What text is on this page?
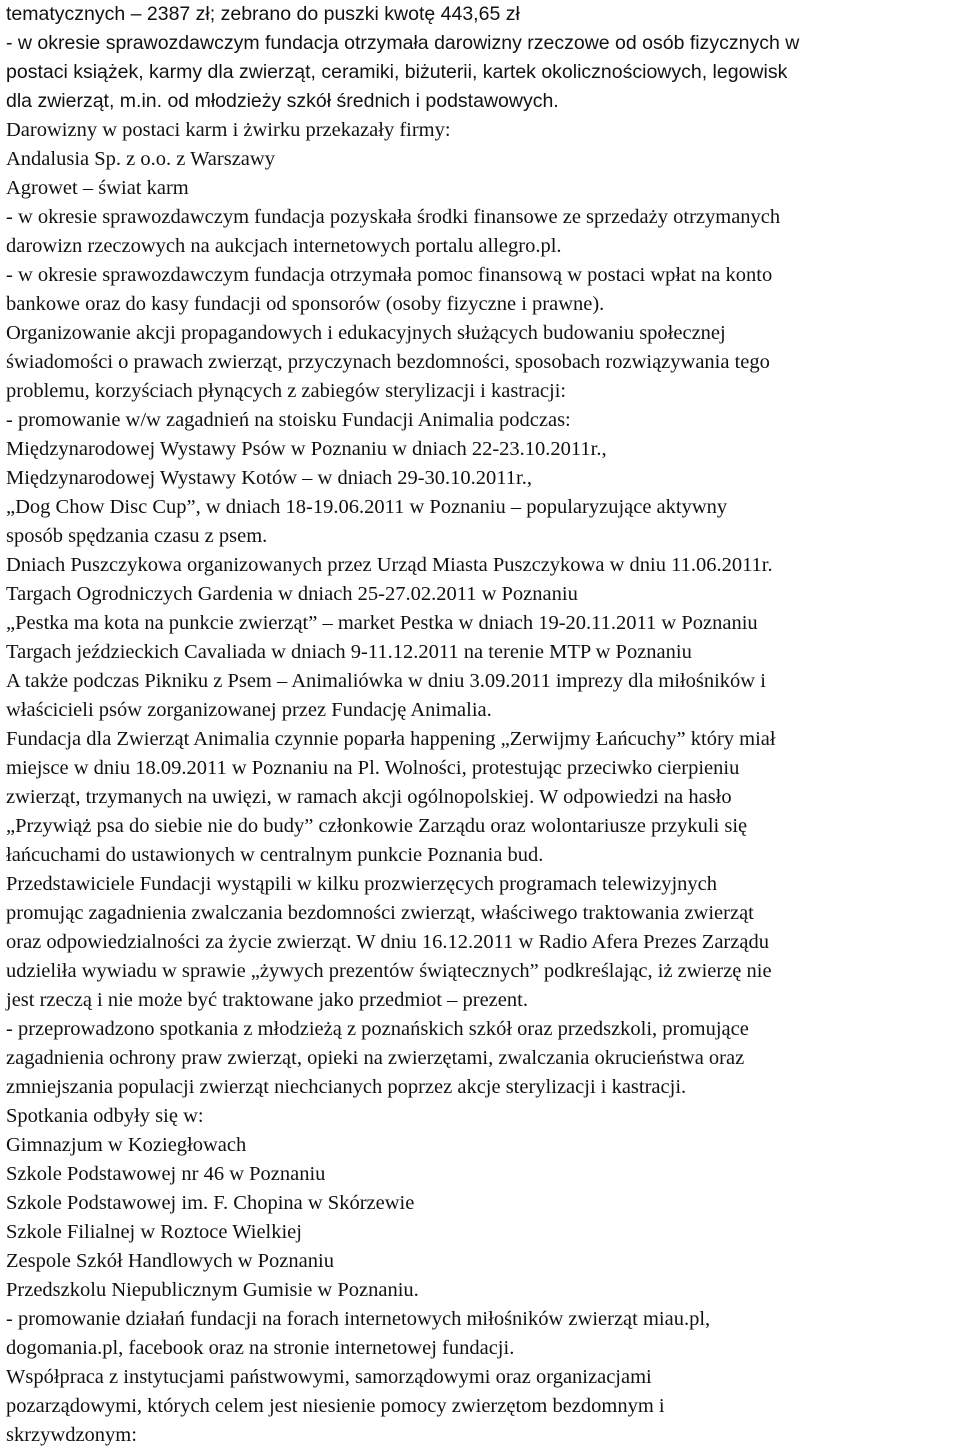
tematycznych – 2387 zł; zebrano do puszki kwotę 443,65 zł
- w okresie sprawozdawczym fundacja otrzymała darowizny rzeczowe od osób fizycznych w
postaci książek, karmy dla zwierząt, ceramiki, biżuterii, kartek okolicznościowych, legowisk
dla zwierząt, m.in. od młodzieży szkół średnich i podstawowych.
Darowizny w postaci karm i żwirku przekazały firmy:
Andalusia Sp. z o.o. z Warszawy
Agrowet – świat karm
- w okresie sprawozdawczym fundacja pozyskała środki finansowe ze sprzedaży otrzymanych
darowizn rzeczowych na aukcjach internetowych portalu allegro.pl.
- w okresie sprawozdawczym fundacja otrzymała pomoc finansową w postaci wpłat na konto
bankowe oraz do kasy fundacji od sponsorów (osoby fizyczne i prawne).
Organizowanie akcji propagandowych i edukacyjnych służących budowaniu społecznej
świadomości o prawach zwierząt, przyczynach bezdomności, sposobach rozwiązywania tego
problemu, korzyściach płynących z zabiegów sterylizacji i kastracji:
- promowanie w/w zagadnień na stoisku Fundacji Animalia podczas:
Międzynarodowej Wystawy Psów w Poznaniu w dniach 22-23.10.2011r.,
Międzynarodowej Wystawy Kotów – w dniach 29-30.10.2011r.,
„Dog Chow Disc Cup”, w dniach 18-19.06.2011 w Poznaniu – popularyzujące aktywny
sposób spędzania czasu z psem.
Dniach Puszczykowa organizowanych przez Urząd Miasta Puszczykowa w dniu 11.06.2011r.
Targach Ogrodniczych Gardenia w dniach 25-27.02.2011 w Poznaniu
„Pestka ma kota na punkcie zwierząt” – market Pestka w dniach 19-20.11.2011 w Poznaniu
Targach jeździeckich Cavaliada w dniach 9-11.12.2011 na terenie MTP w Poznaniu
A także podczas Pikniku z Psem – Animaliówka w dniu 3.09.2011 imprezy dla miłośników i
właścicieli psów zorganizowanej przez Fundację Animalia.
Fundacja dla Zwierząt Animalia czynnie poparła happening „Zerwijmy Łańcuchy” który miał
miejsce w dniu 18.09.2011 w Poznaniu na Pl. Wolności, protestując przeciwko cierpieniu
zwierząt, trzymanych na uwięzi, w ramach akcji ogólnopolskiej. W odpowiedzi na hasło
„Przywiąż psa do siebie nie do budy” członkowie Zarządu oraz wolontariusze przykuli się
łańcuchami do ustawionych w centralnym punkcie Poznania bud.
Przedstawiciele Fundacji wystąpili w kilku prozwierzęcych programach telewizyjnych
promując zagadnienia zwalczania bezdomności zwierząt, właściwego traktowania zwierząt
oraz odpowiedzialności za życie zwierząt. W dniu 16.12.2011 w Radio Afera Prezes Zarządu
udzieliła wywiadu w sprawie „żywych prezentów świątecznych” podkreślając, iż zwierzę nie
jest rzeczą i nie może być traktowane jako przedmiot – prezent.
- przeprowadzono spotkania z młodzieżą z poznańskich szkół oraz przedszkoli, promujące
zagadnienia ochrony praw zwierząt, opieki na zwierzętami, zwalczania okrucieństwa oraz
zmniejszania populacji zwierząt niechcianych poprzez akcje sterylizacji i kastracji.
Spotkania odbyły się w:
Gimnazjum w Koziegłowach
Szkole Podstawowej nr 46 w Poznaniu
Szkole Podstawowej im. F. Chopina w Skórzewie
Szkole Filialnej w Roztoce Wielkiej
Zespole Szkół Handlowych w Poznaniu
Przedszkolu Niepublicznym Gumisie w Poznaniu.
- promowanie działań fundacji na forach internetowych miłośników zwierząt miau.pl,
dogomania.pl, facebook oraz na stronie internetowej fundacji.
Współpraca z instytucjami państwowymi, samorządowymi oraz organizacjami
pozarządowymi, których celem jest niesienie pomocy zwierzętom bezdomnym i
skrzywdzonym:
